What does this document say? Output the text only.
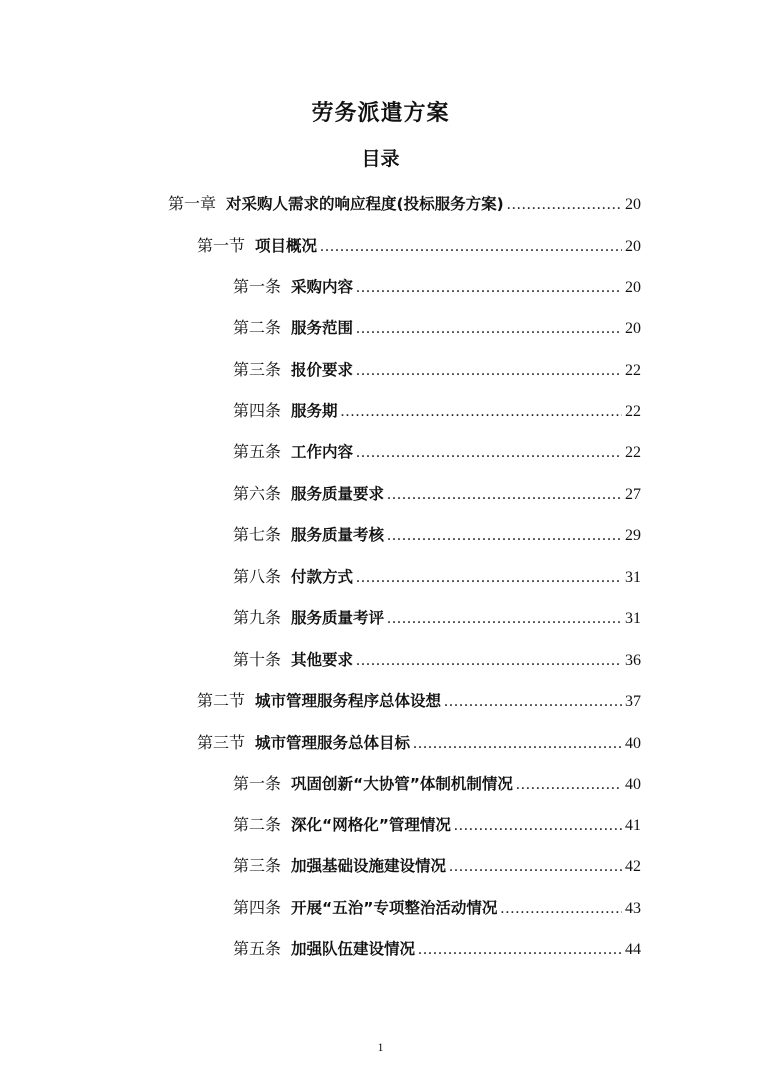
劳务派遣方案
目录
第一章 对采购人需求的响应程度(投标服务方案) .....	20
第一节 项目概况 .....	20
第一条 采购内容 .....	20
第二条 服务范围 .....	20
第三条 报价要求 .....	22
第四条 服务期 .....	22
第五条 工作内容 .....	22
第六条 服务质量要求 .....	27
第七条 服务质量考核 .....	29
第八条 付款方式 .....	31
第九条 服务质量考评 .....	31
第十条 其他要求 .....	36
第二节 城市管理服务程序总体设想 .....	37
第三节 城市管理服务总体目标 .....	40
第一条 巩固创新“大协管”体制机制情况 .....	40
第二条 深化“网格化”管理情况 .....	41
第三条 加强基础设施建设情况 .....	42
第四条 开展“五治”专项整治活动情况 .....	43
第五条 加强队伍建设情况 .....	44
1
